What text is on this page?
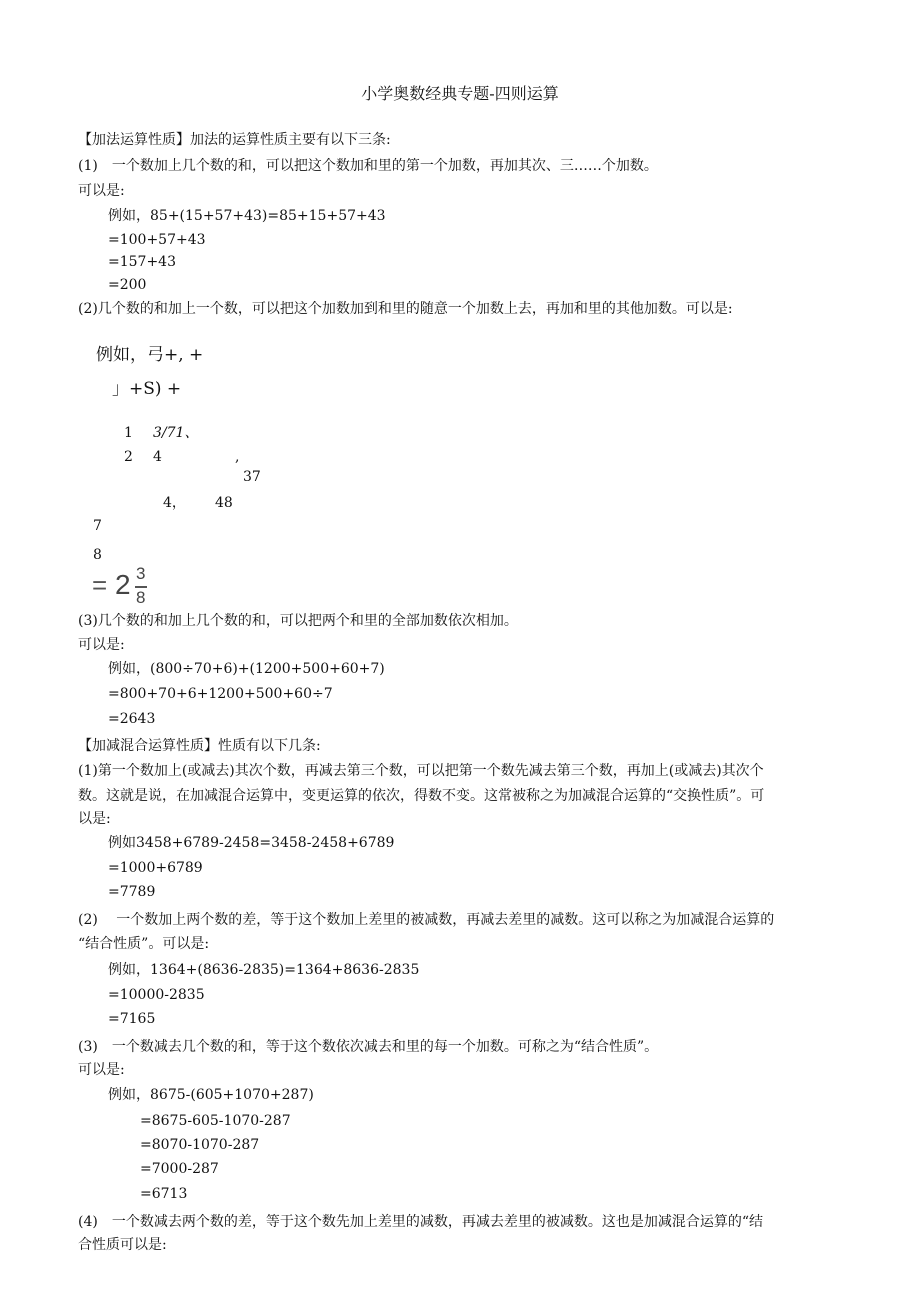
小学奥数经典专题-四则运算
【加法运算性质】加法的运算性质主要有以下三条:
(1)　一个数加上几个数的和，可以把这个数加和里的第一个加数，再加其次、三……个加数。
可以是:
例如，85+(15+57+43)=85+15+57+43
=100+57+43
=157+43
=200
(2)几个数的和加上一个数，可以把这个加数加到和里的随意一个加数上去，再加和里的其他加数。可以是:
例如，弓+, +
」+S) +
1 3/71、
2 4	,
37
4， 48
7
8
= 2 3
8
(3)几个数的和加上几个数的和，可以把两个和里的全部加数依次相加。
可以是:
例如，(800÷70+6)+(1200+500+60+7)
=800+70+6+1200+500+60÷7
=2643
【加减混合运算性质】性质有以下几条:
(1)第一个数加上(或减去)其次个数，再减去第三个数，可以把第一个数先减去第三个数，再加上(或减去)其次个
数。这就是说，在加减混合运算中，变更运算的依次，得数不变。这常被称之为加减混合运算的“交换性质”。可
以是:
例如3458+6789-2458=3458-2458+6789
=1000+6789
=7789
(2)　 一个数加上两个数的差，等于这个数加上差里的被减数，再减去差里的减数。这可以称之为加减混合运算的
“结合性质”。可以是:
例如，1364+(8636-2835)=1364+8636-2835
=10000-2835
=7165
(3)　一个数减去几个数的和，等于这个数依次减去和里的每一个加数。可称之为“结合性质”。
可以是:
例如，8675-(605+1070+287)
=8675-605-1070-287
=8070-1070-287
=7000-287
=6713
(4)　一个数减去两个数的差，等于这个数先加上差里的减数，再减去差里的被减数。这也是加减混合运算的“结
合性质可以是:
